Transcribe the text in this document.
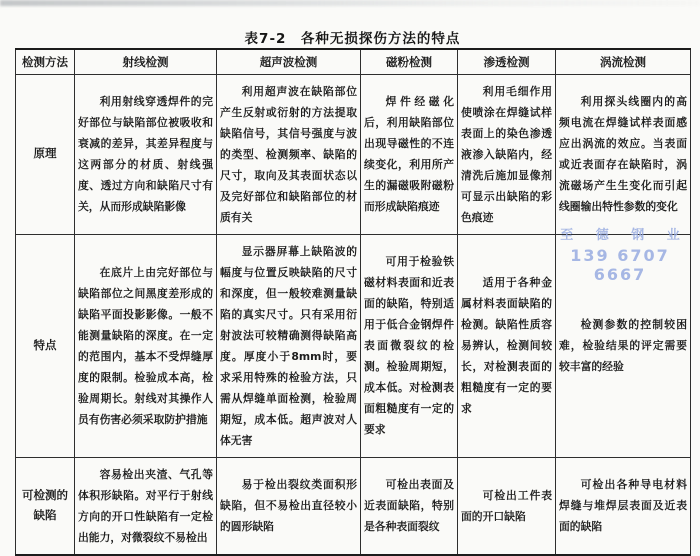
表7-2　各种无损探伤方法的特点
检测方法	射线检测	超声波检测	磁粉检测	渗透检测	涡流检测
原理	利用射线穿透焊件的完好部位与缺陷部位被吸收和衰减的差异，其差异程度与这两部分的材质、射线强度、透过方向和缺陷尺寸有关，从而形成缺陷影像	利用超声波在缺陷部位产生反射或衍射的方法提取缺陷信号，其信号强度与波的类型、检测频率、缺陷的尺寸，取向及其表面状态以及完好部位和缺陷部位的材质有关	焊件经磁化后，利用缺陷部位出现导磁性的不连续变化，利用所产生的漏磁吸附磁粉而形成缺陷痕迹	利用毛细作用使喷涂在焊缝试样表面上的染色渗透液渗入缺陷内，经清洗后施加显像剂可显示出缺陷的彩色痕迹	利用探头线圈内的高频电流在焊缝试样表面感应出涡流的效应。当表面或近表面存在缺陷时，涡流磁场产生生变化而引起线圈输出特性参数的变化

特点	在底片上由完好部位与缺陷部位之间黑度差形成的缺陷平面投影影像。一般不能测量缺陷的深度。在一定的范围内，基本不受焊缝厚度的限制。检验成本高，检验周期长。射线对其操作人员有伤害必须采取防护措施	显示器屏幕上缺陷波的幅度与位置反映缺陷的尺寸和深度，但一般较难测量缺陷的真实尺寸。只有采用衍射波法可较精确测得缺陷高度。厚度小于8mm时，要求采用特殊的检验方法，只需从焊缝单面检测，检验周期短，成本低。超声波对人体无害	可用于检验铁磁材料表面和近表面的缺陷，特别适用于低合金钢焊件表面微裂纹的检测。检验周期短，成本低。对检测表面粗糙度有一定的要求	适用于各种金属材料表面缺陷的检测。缺陷性质容易辨认，检测间较长，对检测表面的粗糙度有一定的要求	检测参数的控制较困难，检验结果的评定需要较丰富的经验

可检测的缺陷	容易检出夹渣、气孔等体积形缺陷。对平行于射线方向的开口性缺陷有一定检出能力，对微裂纹不易检出	易于检出裂纹类面积形缺陷，但不易检出直径较小的圆形缺陷	可检出表面及近表面缺陷，特别是各种表面裂纹	可检出工件表面的开口缺陷	可检出各种导电材料焊缝与堆焊层表面及近表面的缺陷
至 德 钢 业
139 6707 6667
